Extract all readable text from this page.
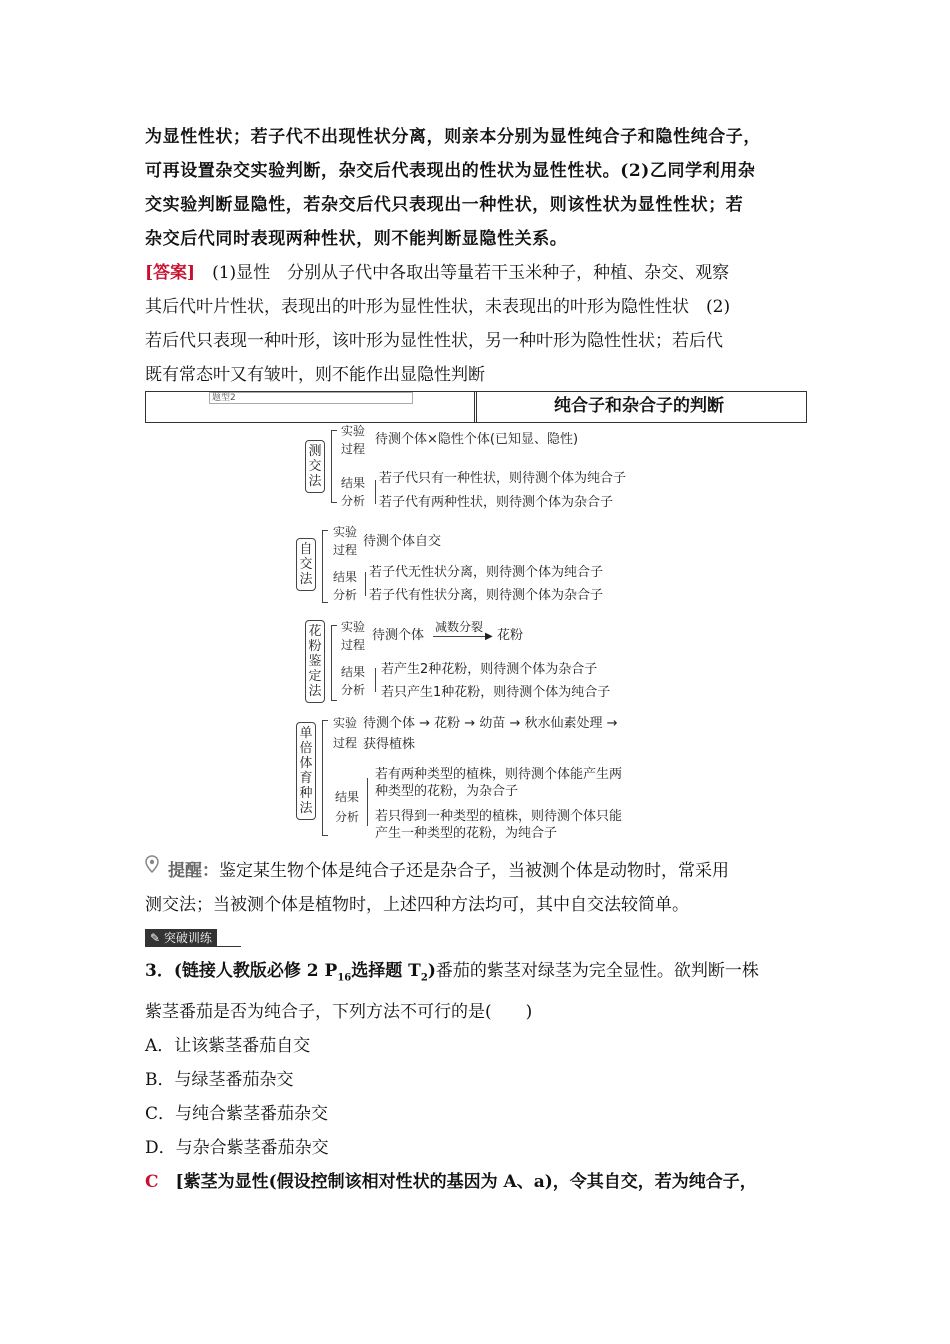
为显性性状；若子代不出现性状分离，则亲本分别为显性纯合子和隐性纯合子，
可再设置杂交实验判断，杂交后代表现出的性状为显性性状。(2)乙同学利用杂
交实验判断显隐性，若杂交后代只表现出一种性状，则该性状为显性性状；若
杂交后代同时表现两种性状，则不能判断显隐性关系。
[答案]　 (1)显性　分别从子代中各取出等量若干玉米种子，种植、杂交、观察
其后代叶片性状，表现出的叶形为显性性状，未表现出的叶形为隐性性状　(2)
若后代只表现一种叶形，该叶形为显性性状，另一种叶形为隐性性状；若后代
既有常态叶又有皱叶，则不能作出显隐性判断
题型2	纯合子和杂合子的判断
测交法
实验
过程
待测个体×隐性个体(已知显、隐性)
结果
分析
若子代只有一种性状，则待测个体为纯合子
若子代有两种性状，则待测个体为杂合子
自交法
实验
过程
待测个体自交
结果
分析
若子代无性状分离，则待测个体为纯合子
若子代有性状分离，则待测个体为杂合子
花粉鉴定法
实验
过程
待测个体
减数分裂
▶ 花粉
结果
分析
若产生2种花粉，则待测个体为杂合子
若只产生1种花粉，则待测个体为纯合子
单倍体育种法
实验
过程
待测个体 → 花粉 → 幼苗 → 秋水仙素处理 →
获得植株
结果
分析
若有两种类型的植株，则待测个体能产生两
种类型的花粉，为杂合子
若只得到一种类型的植株，则待测个体只能
产生一种类型的花粉，为纯合子
提醒：鉴定某生物个体是纯合子还是杂合子，当被测个体是动物时，常采用
测交法；当被测个体是植物时，上述四种方法均可，其中自交法较简单。
✎ 突破训练
3．(链接人教版必修 2 $P_{16}$选择题 $T_2$)番茄的紫茎对绿茎为完全显性。欲判断一株
紫茎番茄是否为纯合子，下列方法不可行的是(　　)
A．让该紫茎番茄自交
B．与绿茎番茄杂交
C．与纯合紫茎番茄杂交
D．与杂合紫茎番茄杂交
C　 [紫茎为显性(假设控制该相对性状的基因为 A、a)，令其自交，若为纯合子，
